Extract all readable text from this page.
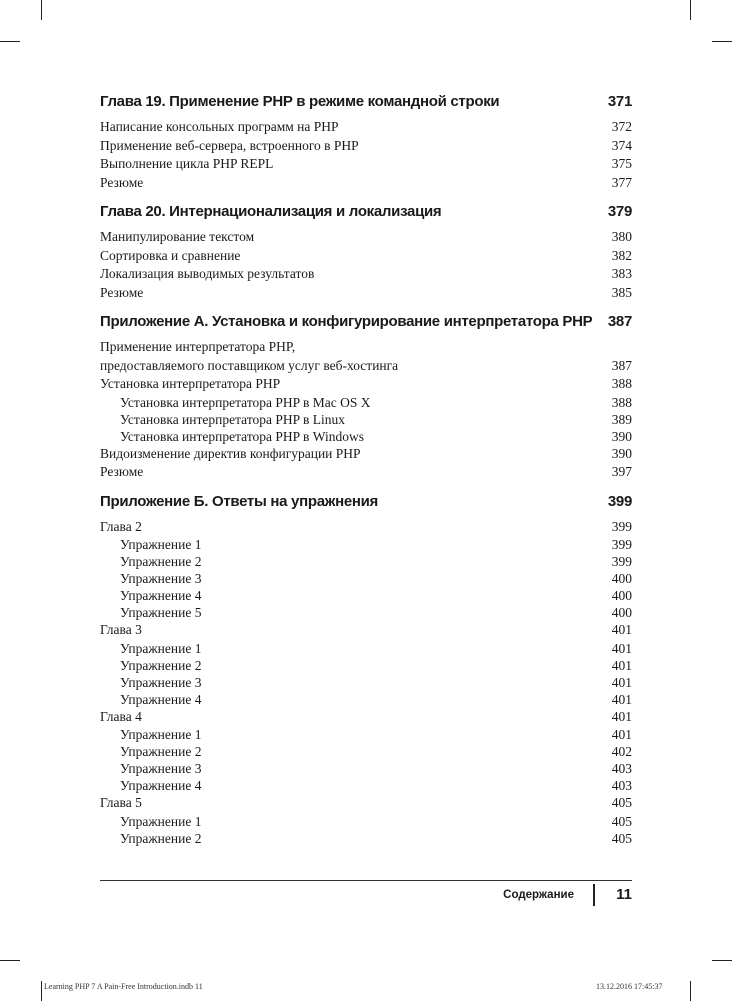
Глава 19. Применение PHP в режиме командной строки	371
Написание консольных программ на PHP	372
Применение веб-сервера, встроенного в PHP	374
Выполнение цикла PHP REPL	375
Резюме	377
Глава 20. Интернационализация и локализация	379
Манипулирование текстом	380
Сортировка и сравнение	382
Локализация выводимых результатов	383
Резюме	385
Приложение А. Установка и конфигурирование интерпретатора PHP 387
Применение интерпретатора PHP,
предоставляемого поставщиком услуг веб-хостинга	387
Установка интерпретатора PHP	388
Установка интерпретатора PHP в Mac OS X	388
Установка интерпретатора PHP в Linux	389
Установка интерпретатора PHP в Windows	390
Видоизменение директив конфигурации PHP	390
Резюме	397
Приложение Б. Ответы на упражнения	399
Глава 2	399
Упражнение 1	399
Упражнение 2	399
Упражнение 3	400
Упражнение 4	400
Упражнение 5	400
Глава 3	401
Упражнение 1	401
Упражнение 2	401
Упражнение 3	401
Упражнение 4	401
Глава 4	401
Упражнение 1	401
Упражнение 2	402
Упражнение 3	403
Упражнение 4	403
Глава 5	405
Упражнение 1	405
Упражнение 2	405
Содержание	11
Learning PHP 7 A Pain-Free Introduction.indb 11	13.12.2016 17:45:37
